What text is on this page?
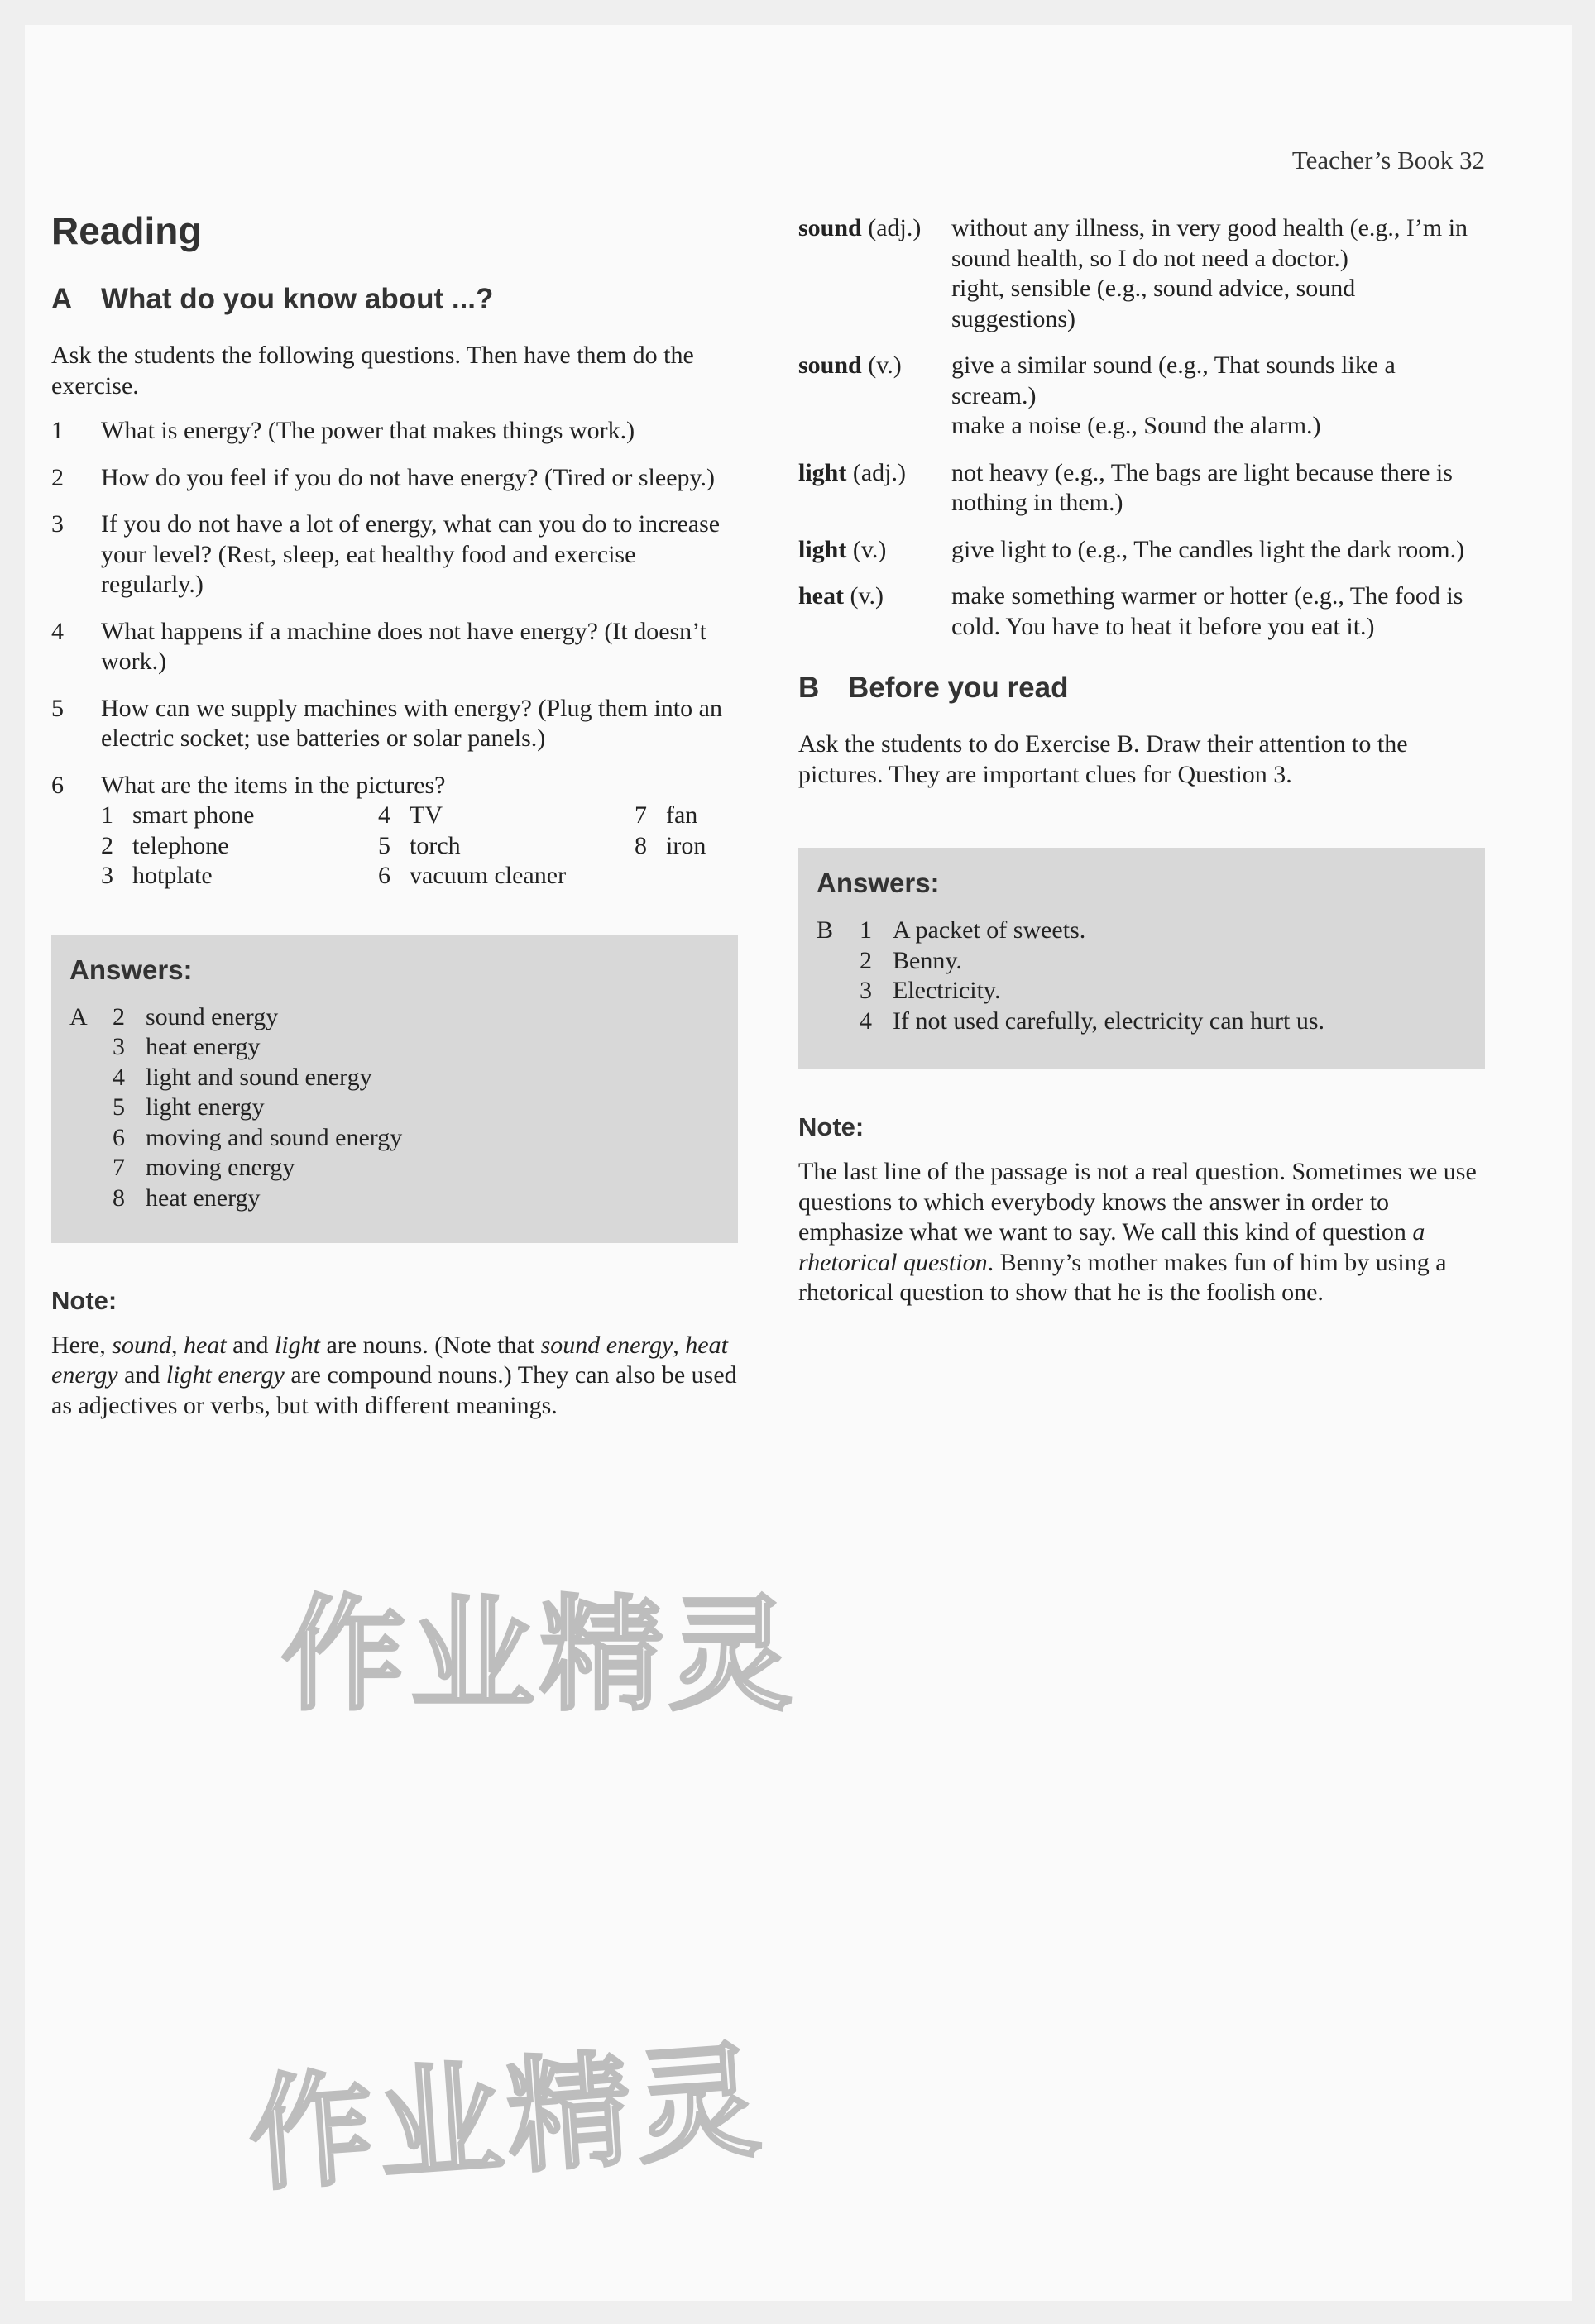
Teacher’s Book 32
Reading
A What do you know about ...?

Ask the students the following questions. Then have them do the exercise.

1	What is energy? (The power that makes things work.)
2	How do you feel if you do not have energy? (Tired or sleepy.)
3	If you do not have a lot of energy, what can you do to increase your level? (Rest, sleep, eat healthy food and exercise regularly.)
4	What happens if a machine does not have energy? (It doesn’t work.)
5	How can we supply machines with energy? (Plug them into an electric socket; use batteries or solar panels.)
6	What are the items in the pictures?
1 smart phone	4 TV	7 fan
2 telephone	5 torch	8 iron
3 hotplate	6 vacuum cleaner
Answers:
A	2 sound energy
3 heat energy
4 light and sound energy
5 light energy
6 moving and sound energy
7 moving energy
8 heat energy
Note:

Here, sound, heat and light are nouns. (Note that sound energy, heat energy and light energy are compound nouns.) They can also be used as adjectives or verbs, but with different meanings.

sound (adj.)	without any illness, in very good health (e.g., I’m in sound health, so I do not need a doctor.)
right, sensible (e.g., sound advice, sound suggestions)
sound (v.)	give a similar sound (e.g., That sounds like a scream.)
make a noise (e.g., Sound the alarm.)
light (adj.)	not heavy (e.g., The bags are light because there is nothing in them.)
light (v.)	give light to (e.g., The candles light the dark room.)
heat (v.)	make something warmer or hotter (e.g., The food is cold. You have to heat it before you eat it.)
B Before you read

Ask the students to do Exercise B. Draw their attention to the pictures. They are important clues for Question 3.

Answers:
B	1 A packet of sweets.
2 Benny.
3 Electricity.
4 If not used carefully, electricity can hurt us.
Note:

The last line of the passage is not a real question. Sometimes we use questions to which everybody knows the answer in order to emphasize what we want to say. We call this kind of question a rhetorical question. Benny’s mother makes fun of him by using a rhetorical question to show that he is the foolish one.

作业精灵
作业精灵
